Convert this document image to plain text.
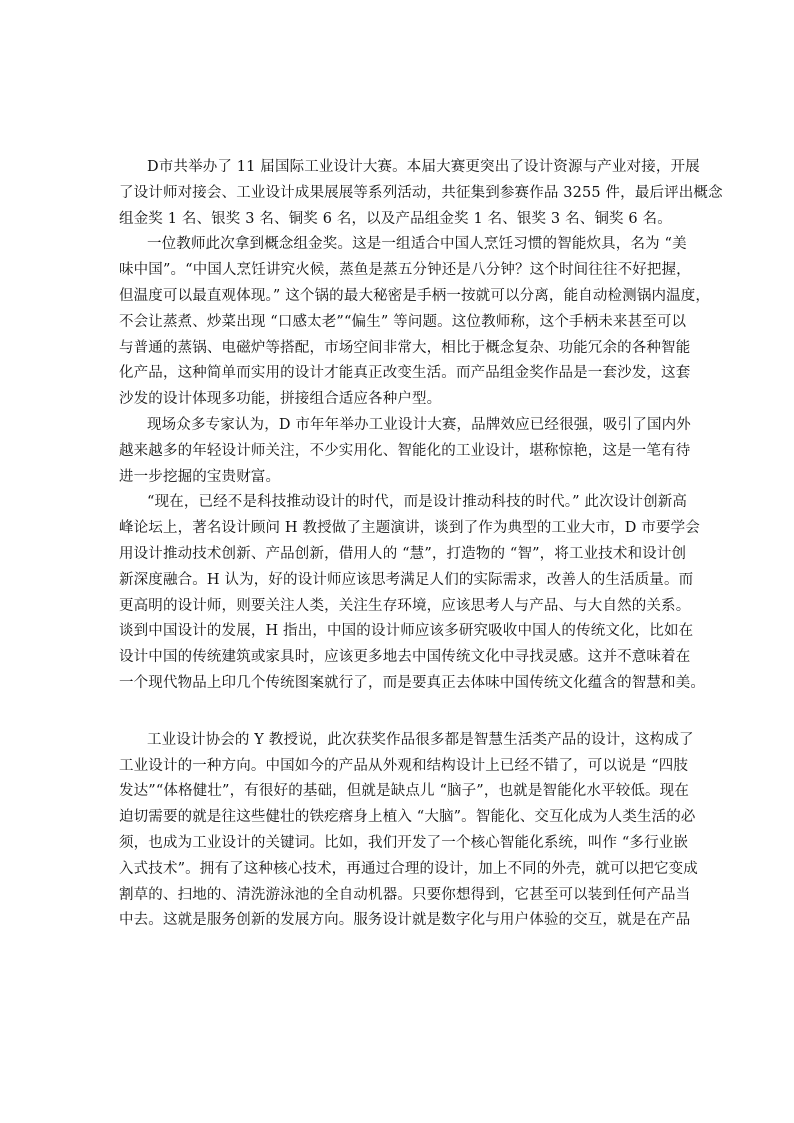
D市共举办了 11 届国际工业设计大赛。本届大赛更突出了设计资源与产业对接，开展
了设计师对接会、工业设计成果展展等系列活动，共征集到参赛作品 3255 件，最后评出概念
组金奖 1 名、银奖 3 名、铜奖 6 名，以及产品组金奖 1 名、银奖 3 名、铜奖 6 名。
一位教师此次拿到概念组金奖。这是一组适合中国人烹饪习惯的智能炊具，名为 “美
味中国”。“中国人烹饪讲究火候，蒸鱼是蒸五分钟还是八分钟？这个时间往往不好把握，
但温度可以最直观体现。” 这个锅的最大秘密是手柄一按就可以分离，能自动检测锅内温度，
不会让蒸煮、炒菜出现 “口感太老”“偏生” 等问题。这位教师称，这个手柄未来甚至可以
与普通的蒸锅、电磁炉等搭配，市场空间非常大，相比于概念复杂、功能冗余的各种智能
化产品，这种简单而实用的设计才能真正改变生活。而产品组金奖作品是一套沙发，这套
沙发的设计体现多功能，拼接组合适应各种户型。
现场众多专家认为，D 市年年举办工业设计大赛，品牌效应已经很强，吸引了国内外
越来越多的年轻设计师关注，不少实用化、智能化的工业设计，堪称惊艳，这是一笔有待
进一步挖掘的宝贵财富。
“现在，已经不是科技推动设计的时代，而是设计推动科技的时代。” 此次设计创新高
峰论坛上，著名设计顾问 H 教授做了主题演讲，谈到了作为典型的工业大市，D 市要学会
用设计推动技术创新、产品创新，借用人的 “慧”，打造物的 “智”，将工业技术和设计创
新深度融合。H 认为，好的设计师应该思考满足人们的实际需求，改善人的生活质量。而
更高明的设计师，则要关注人类，关注生存环境，应该思考人与产品、与大自然的关系。
谈到中国设计的发展，H 指出，中国的设计师应该多研究吸收中国人的传统文化，比如在
设计中国的传统建筑或家具时，应该更多地去中国传统文化中寻找灵感。这并不意味着在
一个现代物品上印几个传统图案就行了，而是要真正去体味中国传统文化蕴含的智慧和美。
工业设计协会的 Y 教授说，此次获奖作品很多都是智慧生活类产品的设计，这构成了
工业设计的一种方向。中国如今的产品从外观和结构设计上已经不错了，可以说是 “四肢
发达”“体格健壮”，有很好的基础，但就是缺点儿 “脑子”，也就是智能化水平较低。现在
迫切需要的就是往这些健壮的铁疙瘩身上植入 “大脑”。智能化、交互化成为人类生活的必
须，也成为工业设计的关键词。比如，我们开发了一个核心智能化系统，叫作 “多行业嵌
入式技术”。拥有了这种核心技术，再通过合理的设计，加上不同的外壳，就可以把它变成
割草的、扫地的、清洗游泳池的全自动机器。只要你想得到，它甚至可以装到任何产品当
中去。这就是服务创新的发展方向。服务设计就是数字化与用户体验的交互，就是在产品
